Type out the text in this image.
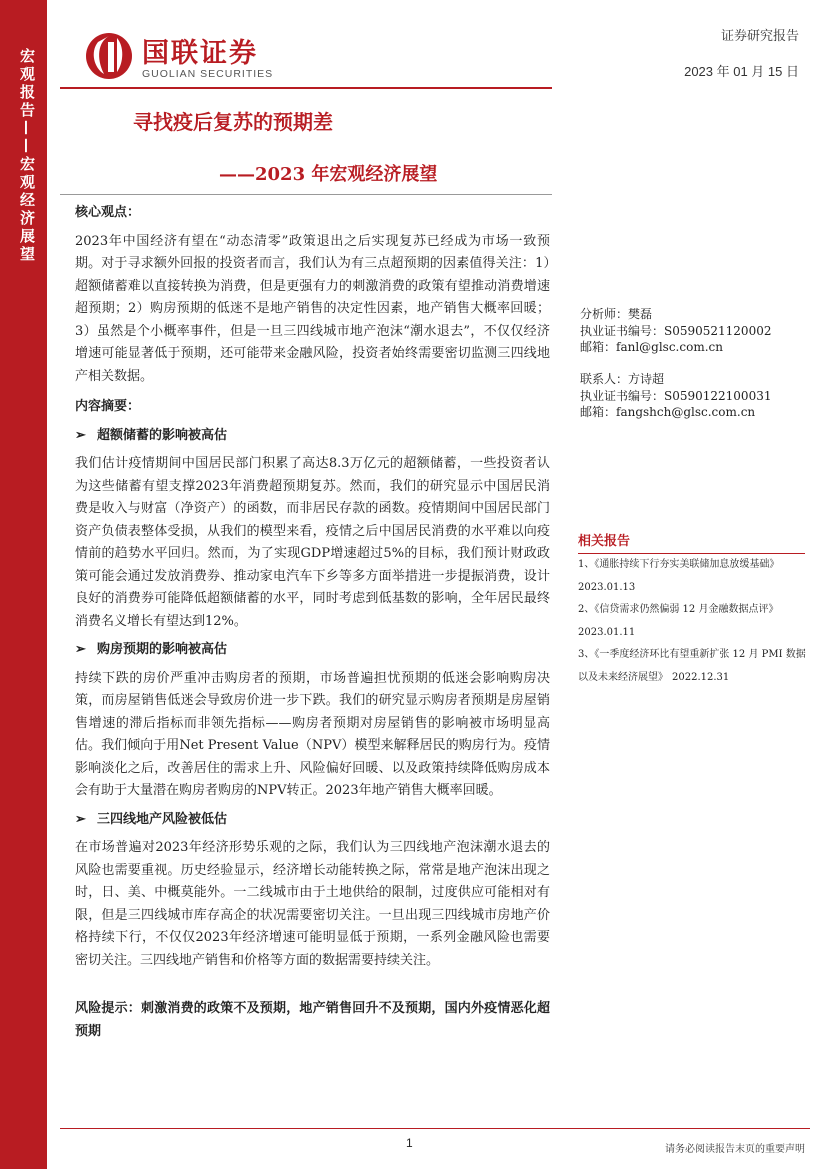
宏观报告——宏观经济展望	国联证券
GUOLIAN SECURITIES
证券研究报告
2023 年 01 月 15 日
寻找疫后复苏的预期差
——2023 年宏观经济展望
核心观点：
2023年中国经济有望在“动态清零”政策退出之后实现复苏已经成为市场一致预期。对于寻求额外回报的投资者而言，我们认为有三点超预期的因素值得关注：1）超额储蓄难以直接转换为消费，但是更强有力的刺激消费的政策有望推动消费增速超预期；2）购房预期的低迷不是地产销售的决定性因素，地产销售大概率回暖；3）虽然是个小概率事件，但是一旦三四线城市地产泡沫“潮水退去”，不仅仅经济增速可能显著低于预期，还可能带来金融风险，投资者始终需要密切监测三四线地产相关数据。
内容摘要：
➢ 超额储蓄的影响被高估
我们估计疫情期间中国居民部门积累了高达8.3万亿元的超额储蓄，一些投资者认为这些储蓄有望支撑2023年消费超预期复苏。然而，我们的研究显示中国居民消费是收入与财富（净资产）的函数，而非居民存款的函数。疫情期间中国居民部门资产负债表整体受损，从我们的模型来看，疫情之后中国居民消费的水平难以向疫情前的趋势水平回归。然而，为了实现GDP增速超过5%的目标，我们预计财政政策可能会通过发放消费券、推动家电汽车下乡等多方面举措进一步提振消费，设计良好的消费券可能降低超额储蓄的水平，同时考虑到低基数的影响，全年居民最终消费名义增长有望达到12%。
➢ 购房预期的影响被高估
持续下跌的房价严重冲击购房者的预期，市场普遍担忧预期的低迷会影响购房决策，而房屋销售低迷会导致房价进一步下跌。我们的研究显示购房者预期是房屋销售增速的滞后指标而非领先指标——购房者预期对房屋销售的影响被市场明显高估。我们倾向于用Net Present Value（NPV）模型来解释居民的购房行为。疫情影响淡化之后，改善居住的需求上升、风险偏好回暖、以及政策持续降低购房成本会有助于大量潜在购房者购房的NPV转正。2023年地产销售大概率回暖。
➢ 三四线地产风险被低估
在市场普遍对2023年经济形势乐观的之际，我们认为三四线地产泡沫潮水退去的风险也需要重视。历史经验显示，经济增长动能转换之际，常常是地产泡沫出现之时，日、美、中概莫能外。一二线城市由于土地供给的限制，过度供应可能相对有限，但是三四线城市库存高企的状况需要密切关注。一旦出现三四线城市房地产价格持续下行，不仅仅2023年经济增速可能明显低于预期，一系列金融风险也需要密切关注。三四线地产销售和价格等方面的数据需要持续关注。
风险提示：刺激消费的政策不及预期，地产销售回升不及预期，国内外疫情恶化超预期
分析师：樊磊
执业证书编号：S0590521120002
邮箱：fanl@glsc.com.cn
联系人：方诗超
执业证书编号：S0590122100031
邮箱：fangshch@glsc.com.cn
相关报告
1、《通胀持续下行夯实美联储加息放缓基础》
2023.01.13
2、《信贷需求仍然偏弱 12 月金融数据点评》
2023.01.11
3、《一季度经济环比有望重新扩张 12 月 PMI 数据以及未来经济展望》 2022.12.31
1	请务必阅读报告末页的重要声明
